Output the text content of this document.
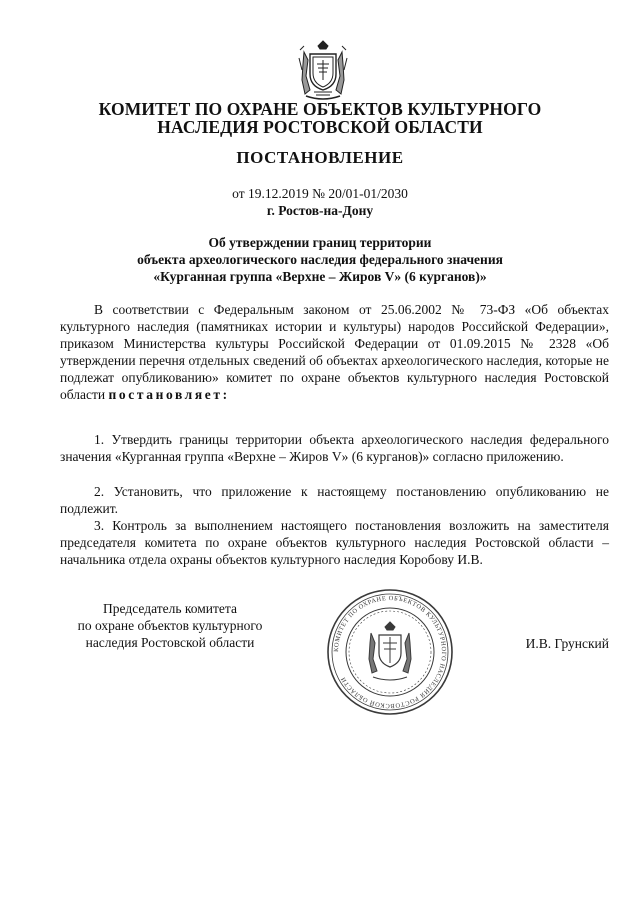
КОМИТЕТ ПО ОХРАНЕ ОБЪЕКТОВ КУЛЬТУРНОГО
НАСЛЕДИЯ РОСТОВСКОЙ ОБЛАСТИ
ПОСТАНОВЛЕНИЕ
от 19.12.2019 № 20/01-01/2030
г. Ростов-на-Дону
Об утверждении границ территории
объекта археологического наследия федерального значения
«Курганная группа «Верхне – Жиров V» (6 курганов)»
В соответствии с Федеральным законом от 25.06.2002 № 73-ФЗ «Об объектах культурного наследия (памятниках истории и культуры) народов Российской Федерации», приказом Министерства культуры Российской Федерации от 01.09.2015 № 2328 «Об утверждении перечня отдельных сведений об объектах археологического наследия, которые не подлежат опубликованию» комитет по охране объектов культурного наследия Ростовской области постановляет:
1. Утвердить границы территории объекта археологического наследия федерального значения «Курганная группа «Верхне – Жиров V» (6 курганов)» согласно приложению.
2. Установить, что приложение к настоящему постановлению опубликованию не подлежит.
3. Контроль за выполнением настоящего постановления возложить на заместителя председателя комитета по охране объектов культурного наследия Ростовской области – начальника отдела охраны объектов культурного наследия Коробову И.В.
Председатель комитета
по охране объектов культурного
наследия Ростовской области	КОМИТЕТ ПО ОХРАНЕ ОБЪЕКТОВ КУЛЬТУРНОГО НАСЛЕДИЯ РОСТОВСКОЙ ОБЛАСТИ
И.В. Грунский
